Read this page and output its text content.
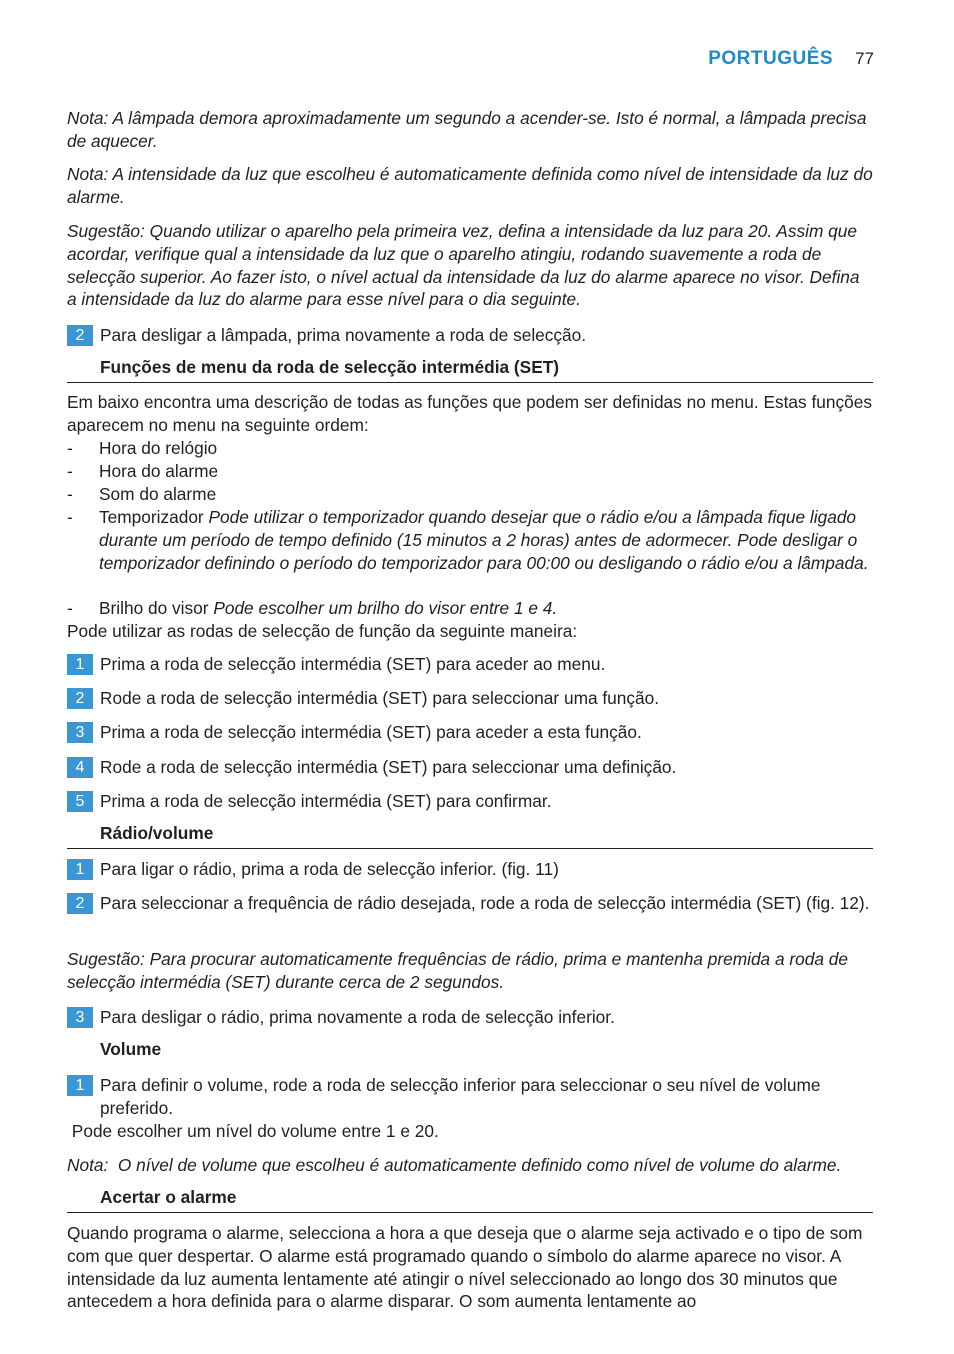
PORTUGUÊS 77
Nota: A lâmpada demora aproximadamente um segundo a acender-se. Isto é normal, a lâmpada precisa de aquecer.
Nota: A intensidade da luz que escolheu é automaticamente definida como nível de intensidade da luz do alarme.
Sugestão: Quando utilizar o aparelho pela primeira vez, defina a intensidade da luz para 20. Assim que acordar, verifique qual a intensidade da luz que o aparelho atingiu, rodando suavemente a roda de selecção superior. Ao fazer isto, o nível actual da intensidade da luz do alarme aparece no visor. Defina a intensidade da luz do alarme para esse nível para o dia seguinte.
2 Para desligar a lâmpada, prima novamente a roda de selecção.
Funções de menu da roda de selecção intermédia (SET)
Em baixo encontra uma descrição de todas as funções que podem ser definidas no menu. Estas funções aparecem no menu na seguinte ordem:
- Hora do relógio
- Hora do alarme
- Som do alarme
- Temporizador Pode utilizar o temporizador quando desejar que o rádio e/ou a lâmpada fique ligado durante um período de tempo definido (15 minutos a 2 horas) antes de adormecer. Pode desligar o temporizador definindo o período do temporizador para 00:00 ou desligando o rádio e/ou a lâmpada.
- Brilho do visor Pode escolher um brilho do visor entre 1 e 4.
Pode utilizar as rodas de selecção de função da seguinte maneira:
1 Prima a roda de selecção intermédia (SET) para aceder ao menu.
2 Rode a roda de selecção intermédia (SET) para seleccionar uma função.
3 Prima a roda de selecção intermédia (SET) para aceder a esta função.
4 Rode a roda de selecção intermédia (SET) para seleccionar uma definição.
5 Prima a roda de selecção intermédia (SET) para confirmar.
Rádio/volume
1 Para ligar o rádio, prima a roda de selecção inferior. (fig. 11)
2 Para seleccionar a frequência de rádio desejada, rode a roda de selecção intermédia (SET) (fig. 12).
Sugestão: Para procurar automaticamente frequências de rádio, prima e mantenha premida a roda de selecção intermédia (SET) durante cerca de 2 segundos.
3 Para desligar o rádio, prima novamente a roda de selecção inferior.
Volume
1 Para definir o volume, rode a roda de selecção inferior para seleccionar o seu nível de volume preferido.
Pode escolher um nível do volume entre 1 e 20.
Nota:  O nível de volume que escolheu é automaticamente definido como nível de volume do alarme.
Acertar o alarme
Quando programa o alarme, selecciona a hora a que deseja que o alarme seja activado e o tipo de som com que quer despertar. O alarme está programado quando o símbolo do alarme aparece no visor. A intensidade da luz aumenta lentamente até atingir o nível seleccionado ao longo dos 30 minutos que antecedem a hora definida para o alarme disparar. O som aumenta lentamente ao
